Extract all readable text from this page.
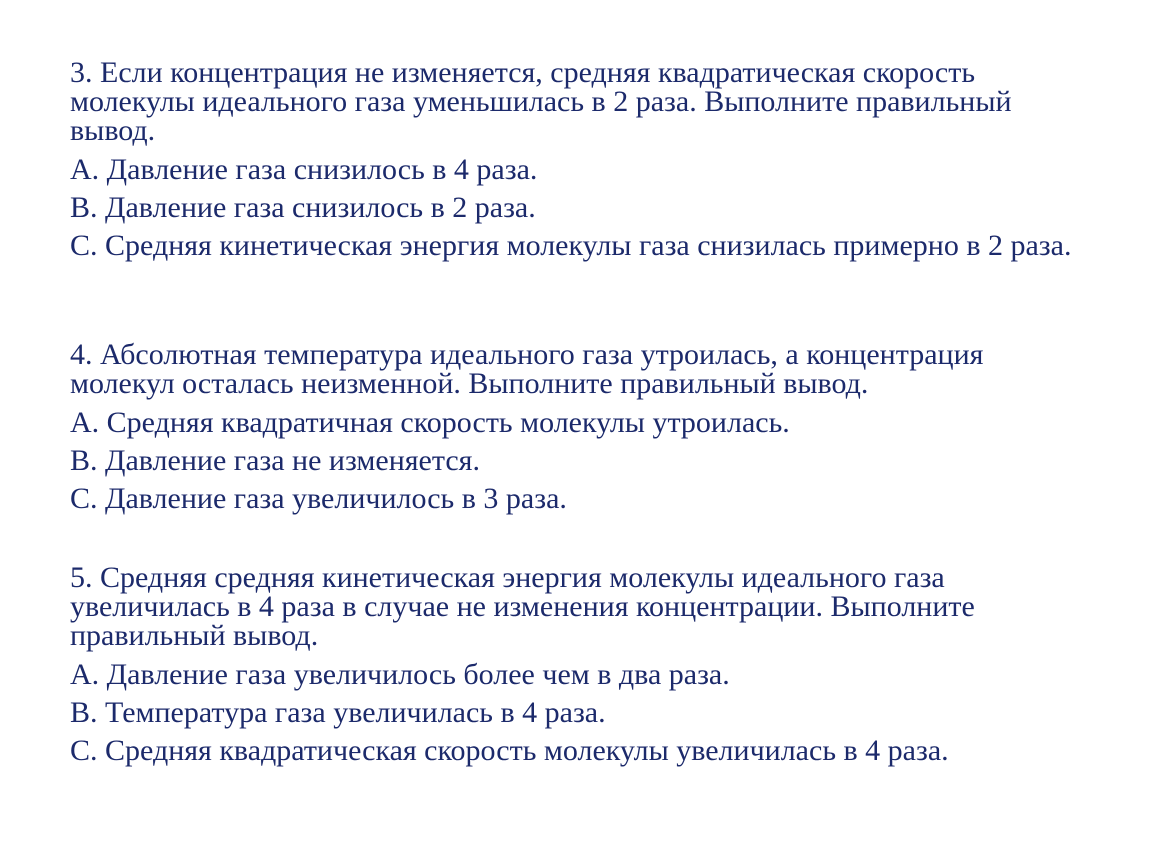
3. Если концентрация не изменяется, средняя квадратическая скорость молекулы идеального газа уменьшилась в 2 раза. Выполните правильный вывод.

А. Давление газа снизилось в 4 раза.

В. Давление газа снизилось в 2 раза.

С. Средняя кинетическая энергия молекулы газа снизилась примерно в 2 раза.

4. Абсолютная температура идеального газа утроилась, а концентрация молекул осталась неизменной. Выполните правильный вывод.

А. Средняя квадратичная скорость молекулы утроилась.

В. Давление газа не изменяется.

С. Давление газа увеличилось в 3 раза.

5. Средняя средняя кинетическая энергия молекулы идеального газа увеличилась в 4 раза в случае не изменения концентрации. Выполните правильный вывод.

А. Давление газа увеличилось более чем в два раза.

В. Температура газа увеличилась в 4 раза.

С. Средняя квадратическая скорость молекулы увеличилась в 4 раза.
